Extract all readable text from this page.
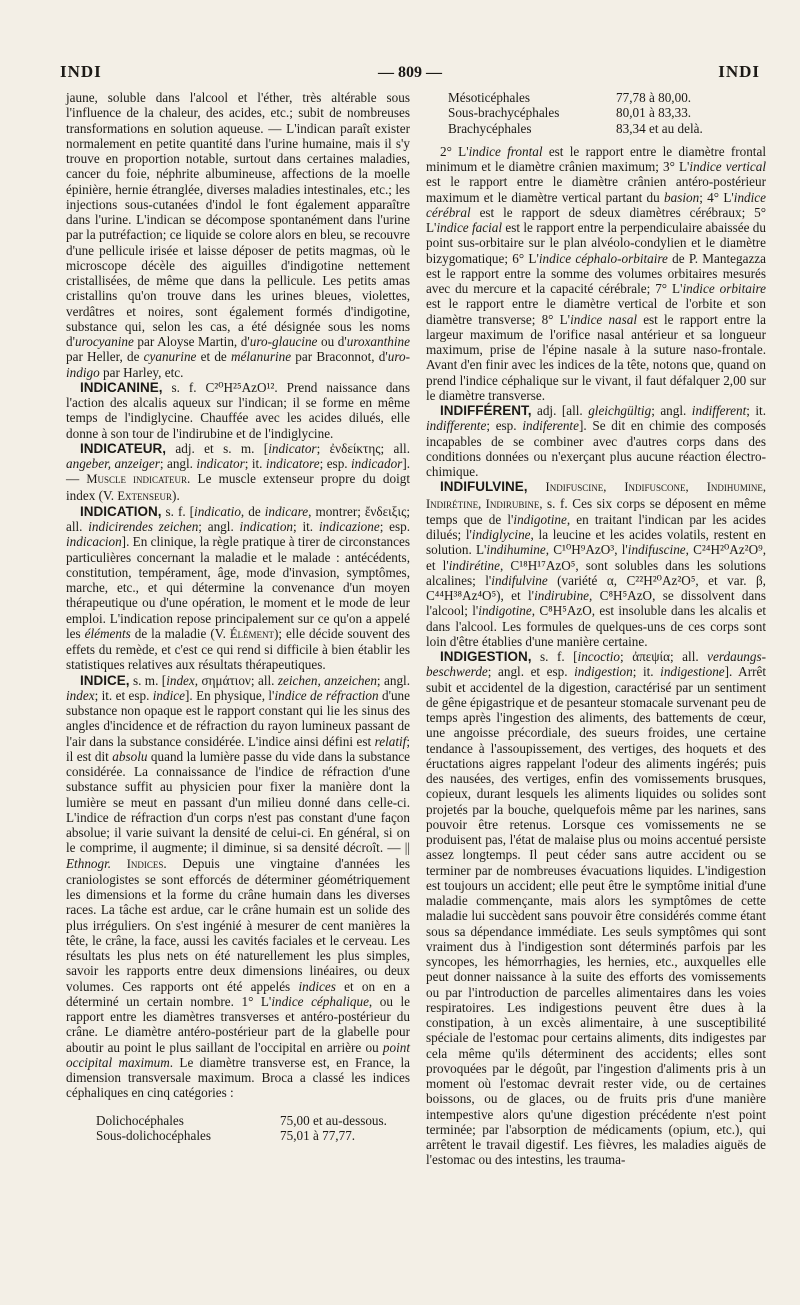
INDI	— 809 —	INDI

jaune, soluble dans l'alcool et l'éther, très altérable sous l'influence de la chaleur, des acides, etc.; subit de nombreuses transformations en solution aqueuse. — L'indican paraît exister normalement en petite quantité dans l'urine humaine, mais il s'y trouve en proportion notable, surtout dans certaines maladies, cancer du foie, néphrite albumineuse, affections de la moelle épinière, hernie étranglée, diverses maladies intestinales, etc.; les injections sous-cutanées d'indol le font également apparaître dans l'urine. L'indican se décompose spontanément dans l'urine par la putréfaction; ce liquide se colore alors en bleu, se recouvre d'une pellicule irisée et laisse déposer de petits magmas, où le microscope décèle des aiguilles d'indigotine nettement cristallisées, de même que dans la pellicule. Les petits amas cristallins qu'on trouve dans les urines bleues, violettes, verdâtres et noires, sont également formés d'indigotine, substance qui, selon les cas, a été désignée sous les noms d'urocyanine par Aloyse Martin, d'uro-glaucine ou d'uroxanthine par Heller, de cyanurine et de mélanurine par Braconnot, d'uro-indigo par Harley, etc.

INDICANINE, s. f. C²⁰H²⁵AzO¹². Prend naissance dans l'action des alcalis aqueux sur l'indican; il se forme en même temps de l'indiglycine. Chauffée avec les acides dilués, elle donne à son tour de l'indirubine et de l'indiglycine.

INDICATEUR, adj. et s. m. [indicator; ἐνδείκτης; all. angeber, anzeiger; angl. indicator; it. indicatore; esp. indicador].— Muscle indicateur. Le muscle extenseur propre du doigt index (V. Extenseur).

INDICATION, s. f. [indicatio, de indicare, montrer; ἔνδειξις; all. indicirendes zeichen; angl. indication; it. indicazione; esp. indicacion]. En clinique, la règle pratique à tirer de circonstances particulières concernant la maladie et le malade : antécédents, constitution, tempérament, âge, mode d'invasion, symptômes, marche, etc., et qui détermine la convenance d'un moyen thérapeutique ou d'une opération, le moment et le mode de leur emploi. L'indication repose principalement sur ce qu'on a appelé les éléments de la maladie (V. Élément); elle décide souvent des effets du remède, et c'est ce qui rend si difficile à bien établir les statistiques relatives aux résultats thérapeutiques.

INDICE, s. m. [index, σημάτιον; all. zeichen, anzeichen; angl. index; it. et esp. indice]. En physique, l'indice de réfraction d'une substance non opaque est le rapport constant qui lie les sinus des angles d'incidence et de réfraction du rayon lumineux passant de l'air dans la substance considérée. L'indice ainsi défini est relatif; il est dit absolu quand la lumière passe du vide dans la substance considérée. La connaissance de l'indice de réfraction d'une substance suffit au physicien pour fixer la manière dont la lumière se meut en passant d'un milieu donné dans celle-ci. L'indice de réfraction d'un corps n'est pas constant d'une façon absolue; il varie suivant la densité de celui-ci. En général, si on le comprime, il augmente; il diminue, si sa densité décroît. — || Ethnogr. Indices. Depuis une vingtaine d'années les craniologistes se sont efforcés de déterminer géométriquement les dimensions et la forme du crâne humain dans les diverses races. La tâche est ardue, car le crâne humain est un solide des plus irréguliers. On s'est ingénié à mesurer de cent manières la tête, le crâne, la face, aussi les cavités faciales et le cerveau. Les résultats les plus nets on été naturellement les plus simples, savoir les rapports entre deux dimensions linéaires, ou deux volumes. Ces rapports ont été appelés indices et on en a déterminé un certain nombre. 1° L'indice céphalique, ou le rapport entre les diamètres transverses et antéro-postérieur du crâne. Le diamètre antéro-postérieur part de la glabelle pour aboutir au point le plus saillant de l'occipital en arrière ou point occipital maximum. Le diamètre transverse est, en France, la dimension transversale maximum. Broca a classé les indices céphaliques en cinq catégories :

Dolichocéphales	75,00 et au-dessous.
Sous-dolichocéphales	75,01 à 77,77.
Mésoticéphales	77,78 à 80,00.
Sous-brachycéphales	80,01 à 83,33.
Brachycéphales	83,34 et au delà.

2° L'indice frontal est le rapport entre le diamètre frontal minimum et le diamètre crânien maximum; 3° L'indice vertical est le rapport entre le diamètre crânien antéro-postérieur maximum et le diamètre vertical partant du basion; 4° L'indice cérébral est le rapport de sdeux diamètres cérébraux; 5° L'indice facial est le rapport entre la perpendiculaire abaissée du point sus-orbitaire sur le plan alvéolo-condylien et le diamètre bizygomatique; 6° L'indice céphalo-orbitaire de P. Mantegazza est le rapport entre la somme des volumes orbitaires mesurés avec du mercure et la capacité cérébrale; 7° L'indice orbitaire est le rapport entre le diamètre vertical de l'orbite et son diamètre transverse; 8° L'indice nasal est le rapport entre la largeur maximum de l'orifice nasal antérieur et sa longueur maximum, prise de l'épine nasale à la suture naso-frontale. Avant d'en finir avec les indices de la tête, notons que, quand on prend l'indice céphalique sur le vivant, il faut défalquer 2,00 sur le diamètre transverse.

INDIFFÉRENT, adj. [all. gleichgültig; angl. indifferent; it. indifferente; esp. indiferente]. Se dit en chimie des composés incapables de se combiner avec d'autres corps dans des conditions données ou n'exerçant plus aucune réaction électro-chimique.

INDIFULVINE, Indifuscine, Indifuscone, Indihumine, Indirétine, Indirubine, s. f. Ces six corps se déposent en même temps que de l'indigotine, en traitant l'indican par les acides dilués; l'indiglycine, la leucine et les acides volatils, restent en solution. L'indihumine, C¹⁰H⁹AzO³, l'indifuscine, C²⁴H²⁰Az²O⁹, et l'indirétine, C¹⁸H¹⁷AzO⁵, sont solubles dans les solutions alcalines; l'indifulvine (variété α, C²²H²⁰Az²O⁵, et var. β, C⁴⁴H³⁸Az⁴O⁵), et l'indirubine, C⁸H⁵AzO, se dissolvent dans l'alcool; l'indigotine, C⁸H⁵AzO, est insoluble dans les alcalis et dans l'alcool. Les formules de quelques-uns de ces corps sont loin d'être établies d'une manière certaine.

INDIGESTION, s. f. [incoctio; ἀπεψία; all. verdaungs-beschwerde; angl. et esp. indigestion; it. indigestione]. Arrêt subit et accidentel de la digestion, caractérisé par un sentiment de gêne épigastrique et de pesanteur stomacale survenant peu de temps après l'ingestion des aliments, des battements de cœur, une angoisse précordiale, des sueurs froides, une certaine tendance à l'assoupissement, des vertiges, des hoquets et des éructations aigres rappelant l'odeur des aliments ingérés; puis des nausées, des vertiges, enfin des vomissements brusques, copieux, durant lesquels les aliments liquides ou solides sont projetés par la bouche, quelquefois même par les narines, sans pouvoir être retenus. Lorsque ces vomissements ne se produisent pas, l'état de malaise plus ou moins accentué persiste assez longtemps. Il peut céder sans autre accident ou se terminer par de nombreuses évacuations liquides. L'indigestion est toujours un accident; elle peut être le symptôme initial d'une maladie commençante, mais alors les symptômes de cette maladie lui succèdent sans pouvoir être considérés comme étant sous sa dépendance immédiate. Les seuls symptômes qui sont vraiment dus à l'indigestion sont déterminés parfois par les syncopes, les hémorrhagies, les hernies, etc., auxquelles elle peut donner naissance à la suite des efforts des vomissements ou par l'introduction de parcelles alimentaires dans les voies respiratoires. Les indigestions peuvent être dues à la constipation, à un excès alimentaire, à une susceptibilité spéciale de l'estomac pour certains aliments, dits indigestes par cela même qu'ils déterminent des accidents; elles sont provoquées par le dégoût, par l'ingestion d'aliments pris à un moment où l'estomac devrait rester vide, ou de certaines boissons, ou de glaces, ou de fruits pris d'une manière intempestive alors qu'une digestion précédente n'est point terminée; par l'absorption de médicaments (opium, etc.), qui arrêtent le travail digestif. Les fièvres, les maladies aiguës de l'estomac ou des intestins, les trauma-
